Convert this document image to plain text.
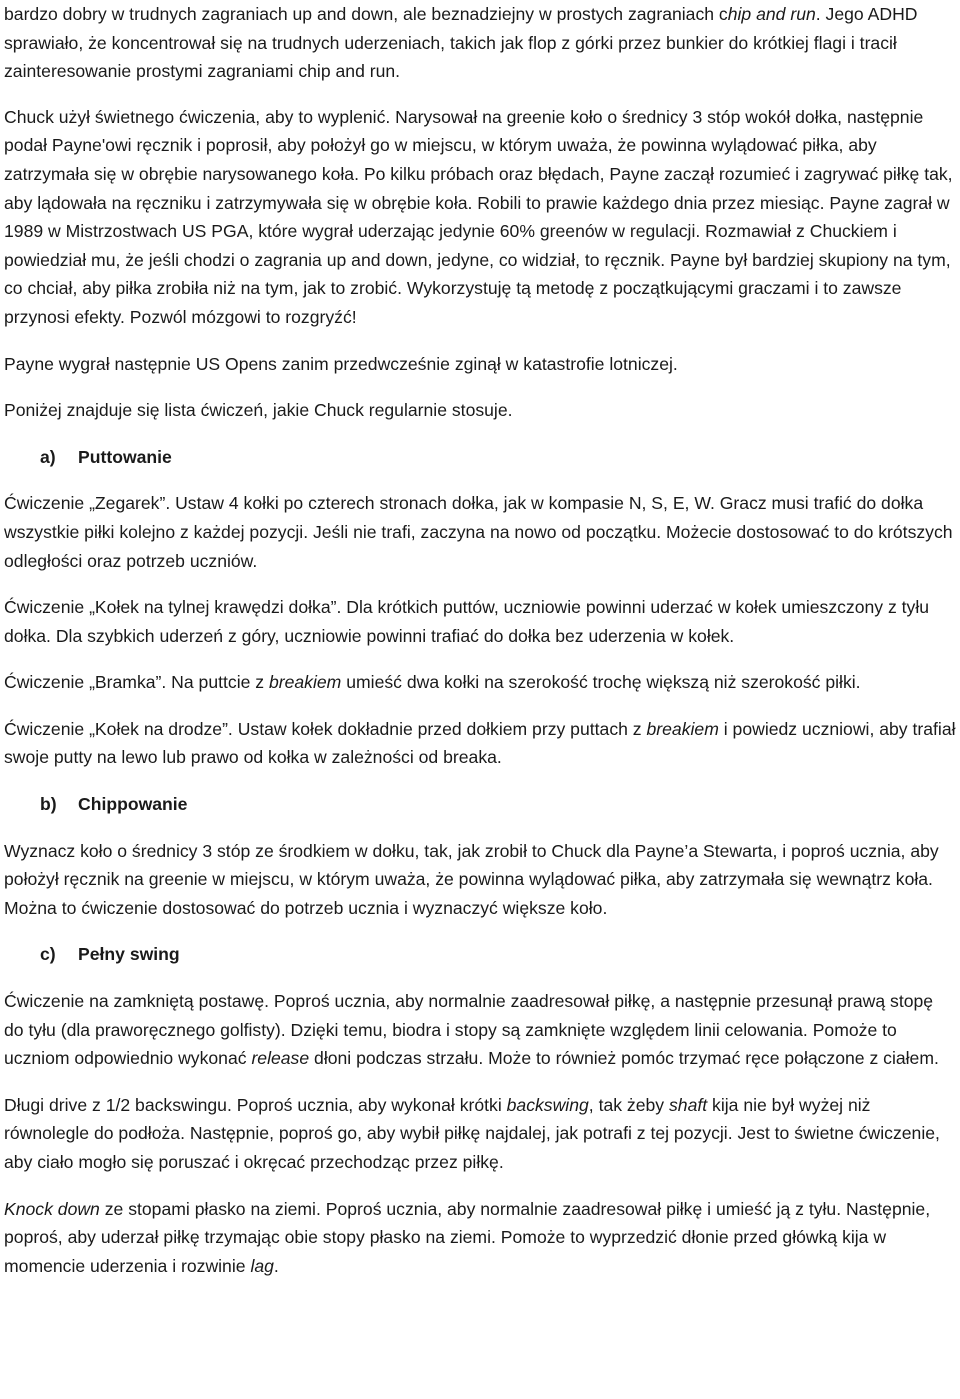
bardzo dobry w trudnych zagraniach up and down, ale beznadziejny w prostych zagraniach chip and run. Jego ADHD sprawiało, że koncentrował się na trudnych uderzeniach, takich jak flop z górki przez bunkier do krótkiej flagi i tracił zainteresowanie prostymi zagraniami chip and run.

Chuck użył świetnego ćwiczenia, aby to wyplenić. Narysował na greenie koło o średnicy 3 stóp wokół dołka, następnie podał Payne'owi ręcznik i poprosił, aby położył go w miejscu, w którym uważa, że powinna wylądować piłka, aby zatrzymała się w obrębie narysowanego koła. Po kilku próbach oraz błędach, Payne zaczął rozumieć i zagrywać piłkę tak, aby lądowała na ręczniku i zatrzymywała się w obrębie koła. Robili to prawie każdego dnia przez miesiąc. Payne zagrał w 1989 w Mistrzostwach US PGA, które wygrał uderzając jedynie 60% greenów w regulacji. Rozmawiał z Chuckiem i powiedział mu, że jeśli chodzi o zagrania up and down, jedyne, co widział, to ręcznik. Payne był bardziej skupiony na tym, co chciał, aby piłka zrobiła niż na tym, jak to zrobić. Wykorzystuję tą metodę z początkującymi graczami i to zawsze przynosi efekty. Pozwól mózgowi to rozgryźć!

Payne wygrał następnie US Opens zanim przedwcześnie zginął w katastrofie lotniczej.

Poniżej znajduje się lista ćwiczeń, jakie Chuck regularnie stosuje.

a)	Puttowanie

Ćwiczenie „Zegarek”. Ustaw 4 kołki po czterech stronach dołka, jak w kompasie N, S, E, W. Gracz musi trafić do dołka wszystkie piłki kolejno z każdej pozycji. Jeśli nie trafi, zaczyna na nowo od początku. Możecie dostosować to do krótszych odległości oraz potrzeb uczniów.

Ćwiczenie „Kołek na tylnej krawędzi dołka”. Dla krótkich puttów, uczniowie powinni uderzać w kołek umieszczony z tyłu dołka. Dla szybkich uderzeń z góry, uczniowie powinni trafiać do dołka bez uderzenia w kołek.

Ćwiczenie „Bramka”. Na puttcie z breakiem umieść dwa kołki na szerokość trochę większą niż szerokość piłki.

Ćwiczenie „Kołek na drodze”. Ustaw kołek dokładnie przed dołkiem przy puttach z breakiem i powiedz uczniowi, aby trafiał swoje putty na lewo lub prawo od kołka w zależności od breaka.

b)	Chippowanie

Wyznacz koło o średnicy 3 stóp ze środkiem w dołku, tak, jak zrobił to Chuck dla Payne’a Stewarta, i poproś ucznia, aby położył ręcznik na greenie w miejscu, w którym uważa, że powinna wylądować piłka, aby zatrzymała się wewnątrz koła. Można to ćwiczenie dostosować do potrzeb ucznia i wyznaczyć większe koło.

c)	Pełny swing

Ćwiczenie na zamkniętą postawę. Poproś ucznia, aby normalnie zaadresował piłkę, a następnie przesunął prawą stopę do tyłu (dla praworęcznego golfisty). Dzięki temu, biodra i stopy są zamknięte względem linii celowania. Pomoże to uczniom odpowiednio wykonać release dłoni podczas strzału. Może to również pomóc trzymać ręce połączone z ciałem.

Długi drive z 1/2 backswingu. Poproś ucznia, aby wykonał krótki backswing, tak żeby shaft kija nie był wyżej niż równolegle do podłoża. Następnie, poproś go, aby wybił piłkę najdalej, jak potrafi z tej pozycji. Jest to świetne ćwiczenie, aby ciało mogło się poruszać i okręcać przechodząc przez piłkę.

Knock down ze stopami płasko na ziemi. Poproś ucznia, aby normalnie zaadresował piłkę i umieść ją z tyłu. Następnie, poproś, aby uderzał piłkę trzymając obie stopy płasko na ziemi. Pomoże to wyprzedzić dłonie przed główką kija w momencie uderzenia i rozwinie lag.
